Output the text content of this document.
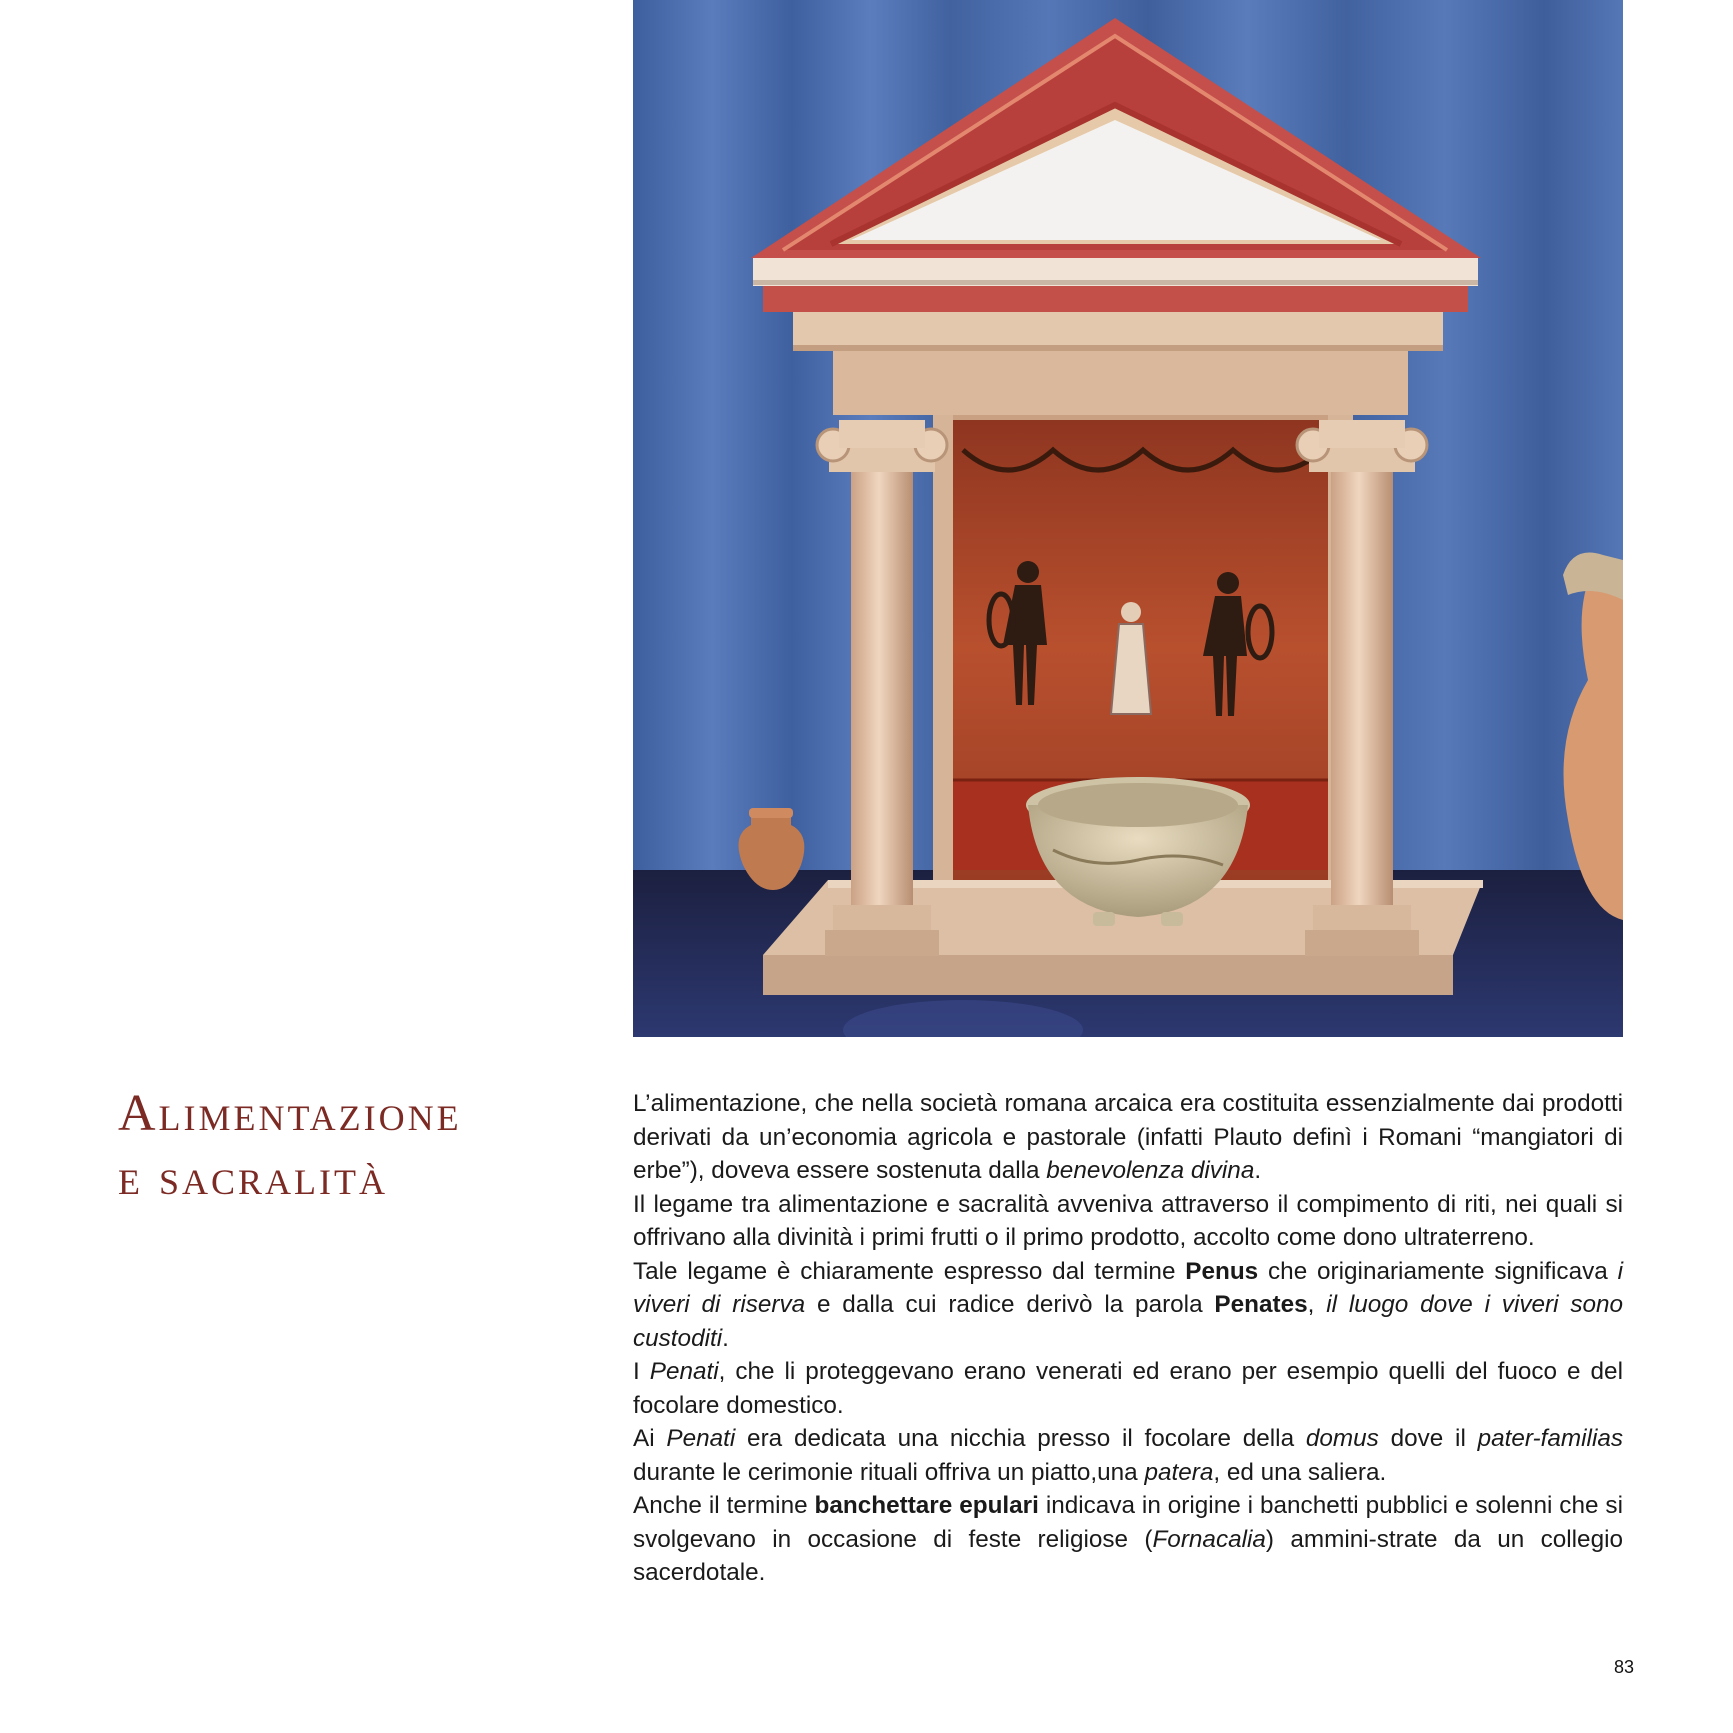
Alimentazione
e sacralità

L’alimentazione, che nella società romana arcaica era costituita essenzialmente dai prodotti derivati da un’economia agricola e pastorale (infatti Plauto definì i Romani “mangiatori di erbe”), doveva essere sostenuta dalla benevolenza divina.

Il legame tra alimentazione e sacralità avveniva attraverso il compimento di riti, nei quali si offrivano alla divinità i primi frutti o il primo prodotto, accolto come dono ultraterreno.

Tale legame è chiaramente espresso dal termine Penus che originariamente significava i viveri di riserva e dalla cui radice derivò la parola Penates, il luogo dove i viveri sono custoditi.

I Penati, che li proteggevano erano venerati ed erano per esempio quelli del fuoco e del focolare domestico.

Ai Penati era dedicata una nicchia presso il focolare della domus dove il pater-familias durante le cerimonie rituali offriva un piatto,una patera, ed una saliera.

Anche il termine banchettare epulari indicava in origine i banchetti pubblici e solenni che si svolgevano in occasione di feste religiose (Fornacalia) ammini-strate da un collegio sacerdotale.

83
